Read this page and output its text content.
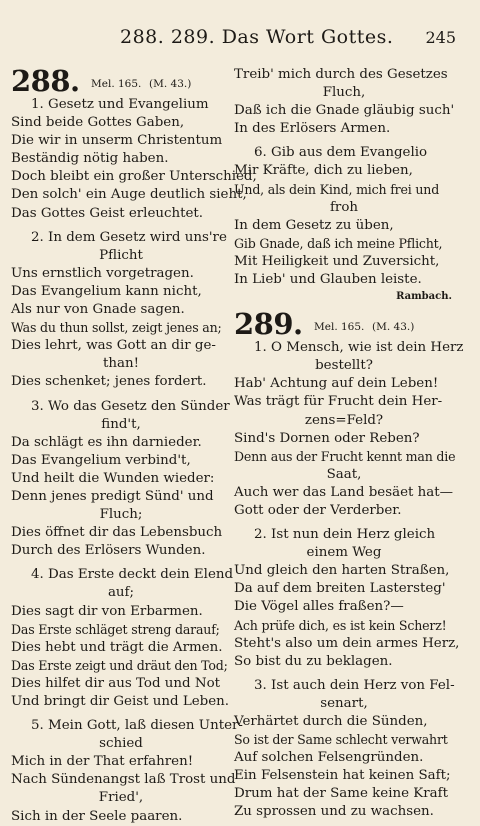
288. 289. Das Wort Gottes. 245
288. Mel. 165. (M. 43.)
1. Gesetz und Evangelium
Sind beide Gottes Gaben,
Die wir in unserm Christentum
Beständig nötig haben.
Doch bleibt ein großer Unterschied,
Den solch' ein Auge deutlich sieht,
Das Gottes Geist erleuchtet.
2. In dem Gesetz wird uns're
Pflicht
Uns ernstlich vorgetragen.
Das Evangelium kann nicht,
Als nur von Gnade sagen.
Was du thun sollst, zeigt jenes an;
Dies lehrt, was Gott an dir ge-
than!
Dies schenket; jenes fordert.
3. Wo das Gesetz den Sünder
find't,
Da schlägt es ihn darnieder.
Das Evangelium verbind't,
Und heilt die Wunden wieder:
Denn jenes predigt Sünd' und
Fluch;
Dies öffnet dir das Lebensbuch
Durch des Erlösers Wunden.
4. Das Erste deckt dein Elend
auf;
Dies sagt dir von Erbarmen.
Das Erste schläget streng darauf;
Dies hebt und trägt die Armen.
Das Erste zeigt und dräut den Tod;
Dies hilfet dir aus Tod und Not
Und bringt dir Geist und Leben.
5. Mein Gott, laß diesen Unter-
schied
Mich in der That erfahren!
Nach Sündenangst laß Trost und
Fried',
Sich in der Seele paaren.
Treib' mich durch des Gesetzes
Fluch,
Daß ich die Gnade gläubig such'
In des Erlösers Armen.
6. Gib aus dem Evangelio
Mir Kräfte, dich zu lieben,
Und, als dein Kind, mich frei und
froh
In dem Gesetz zu üben,
Gib Gnade, daß ich meine Pflicht,
Mit Heiligkeit und Zuversicht,
In Lieb' und Glauben leiste.
Rambach.
289. Mel. 165. (M. 43.)
1. O Mensch, wie ist dein Herz
bestellt?
Hab' Achtung auf dein Leben!
Was trägt für Frucht dein Her-
zens=Feld?
Sind's Dornen oder Reben?
Denn aus der Frucht kennt man die
Saat,
Auch wer das Land besäet hat—
Gott oder der Verderber.
2. Ist nun dein Herz gleich
einem Weg
Und gleich den harten Straßen,
Da auf dem breiten Lastersteg'
Die Vögel alles fraßen?—
Ach prüfe dich, es ist kein Scherz!
Steht's also um dein armes Herz,
So bist du zu beklagen.
3. Ist auch dein Herz von Fel-
senart,
Verhärtet durch die Sünden,
So ist der Same schlecht verwahrt
Auf solchen Felsengründen.
Ein Felsenstein hat keinen Saft;
Drum hat der Same keine Kraft
Zu sprossen und zu wachsen.
